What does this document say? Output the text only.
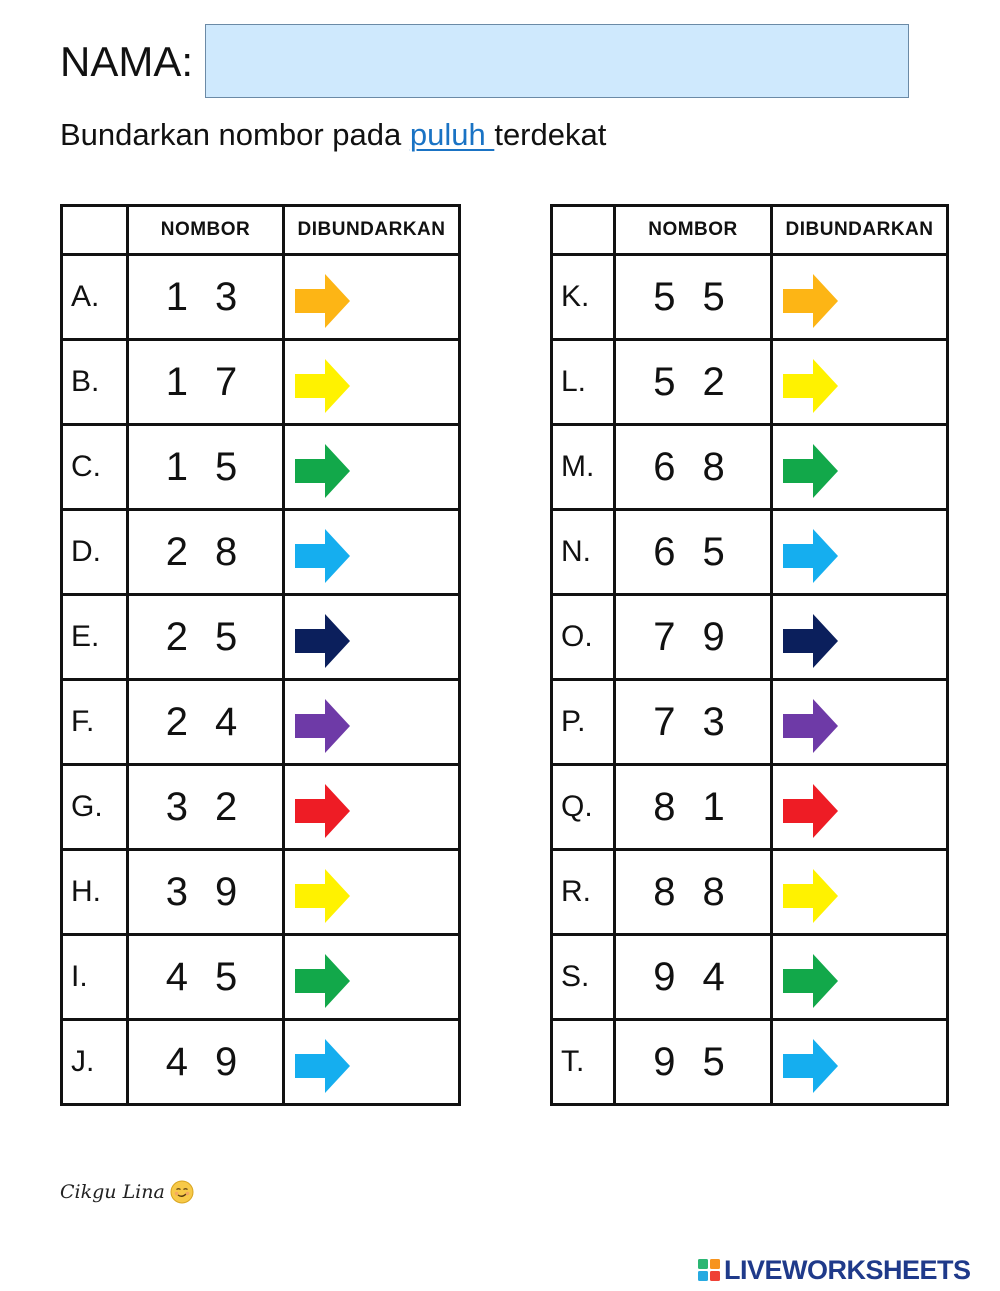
NAMA:
Bundarkan nombor pada puluh terdekat
	NOMBOR	DIBUNDARKAN
A.	1 3	

B.	1 7	

C.	1 5	

D.	2 8	

E.	2 5	

F.	2 4	

G.	3 2	

H.	3 9	

I.	4 5	

J.	4 9	
	NOMBOR	DIBUNDARKAN
K.	5 5	

L.	5 2	

M.	6 8	

N.	6 5	

O.	7 9	

P.	7 3	

Q.	8 1	

R.	8 8	

S.	9 4	

T.	9 5	
Cikgu Lina
LIVEWORKSHEETS
